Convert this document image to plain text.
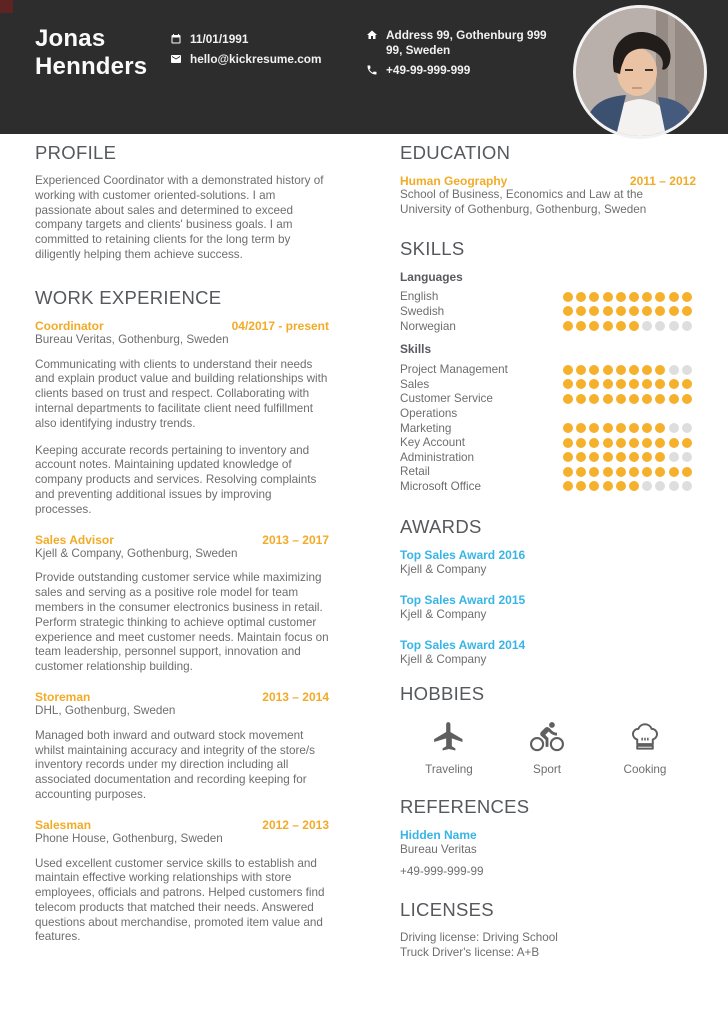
Jonas
Hennders
11/01/1991
hello@kickresume.com
Address 99, Gothenburg 999
99, Sweden
+49-99-999-999
PROFILE

Experienced Coordinator with a demonstrated history of working with customer oriented-solutions. I am passionate about sales and determined to exceed company targets and clients' business goals. I am committed to retaining clients for the long term by diligently helping them achieve success.

WORK EXPERIENCE
Coordinator	04/2017 - present
Bureau Veritas, Gothenburg, Sweden

Communicating with clients to understand their needs and explain product value and building relationships with clients based on trust and respect. Collaborating with internal departments to facilitate client need fulfillment also identifying industry trends.

Keeping accurate records pertaining to inventory and account notes. Maintaining updated knowledge of company products and services. Resolving complaints and preventing additional issues by improving processes.

Sales Advisor	2013 – 2017
Kjell & Company, Gothenburg, Sweden

Provide outstanding customer service while maximizing sales and serving as a positive role model for team members in the consumer electronics business in retail. Perform strategic thinking to achieve optimal customer experience and meet customer needs. Maintain focus on team leadership, personnel support, innovation and customer relationship building.

Storeman	2013 – 2014
DHL, Gothenburg, Sweden

Managed both inward and outward stock movement whilst maintaining accuracy and integrity of the store/s inventory records under my direction including all associated documentation and recording keeping for accounting purposes.

Salesman	2012 – 2013
Phone House, Gothenburg, Sweden

Used excellent customer service skills to establish and maintain effective working relationships with store employees, officials and patrons. Helped customers find telecom products that matched their needs. Answered questions about merchandise, promoted item value and features.

EDUCATION
Human Geography	2011 – 2012
School of Business, Economics and Law at the University of Gothenburg, Gothenburg, Sweden
SKILLS
Languages
English
Swedish
Norwegian
Skills
Project Management
Sales
Customer Service
Operations
Marketing
Key Account
Administration
Retail
Microsoft Office
AWARDS
Top Sales Award 2016
Kjell & Company
Top Sales Award 2015
Kjell & Company
Top Sales Award 2014
Kjell & Company
HOBBIES
Traveling	Sport	Cooking
REFERENCES
Hidden Name
Bureau Veritas
+49-999-999-99
LICENSES
Driving license: Driving School
Truck Driver's license: A+B
